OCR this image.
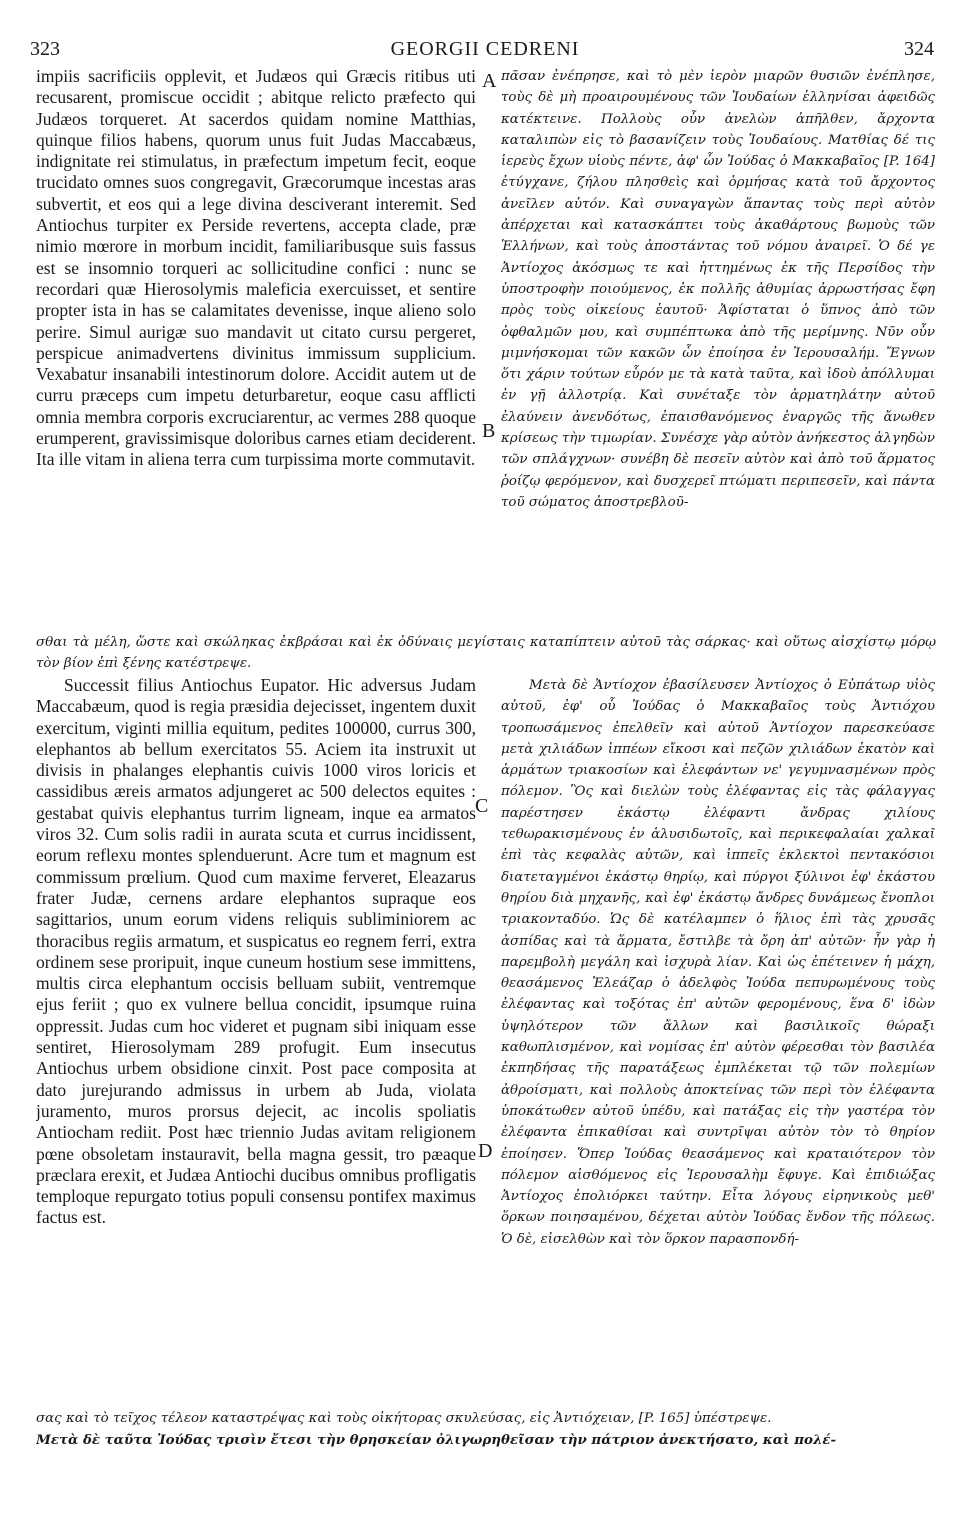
323	GEORGII CEDRENI	324

impiis sacrificiis opplevit, et Judæos qui Græcis ritibus uti recusarent, promiscue occidit ; abitque relicto præfecto qui Judæos torqueret. At sacerdos quidam nomine Matthias, quinque filios habens, quorum unus fuit Judas Maccabæus, indignitate rei stimulatus, in præfectum impetum fecit, eoque trucidato omnes suos congregavit, Græcorumque incestas aras subvertit, et eos qui a lege divina desciverant interemit. Sed Antiochus turpiter ex Perside revertens, accepta clade, præ nimio mœrore in morbum incidit, familiaribusque suis fassus est se insomnio torqueri ac sollicitudine confici : nunc se recordari quæ Hierosolymis maleficia exercuisset, et sentire propter ista in has se calamitates devenisse, inque alieno solo perire. Simul aurigæ suo mandavit ut citato cursu pergeret, perspicue animadvertens divinitus immissum supplicium. Vexabatur insanabili intestinorum dolore. Accidit autem ut de curru præceps cum impetu deturbaretur, eoque casu afflicti omnia membra corporis excruciarentur, ac vermes 288 quoque erumperent, gravissimisque doloribus carnes etiam deciderent. Ita ille vitam in aliena terra cum turpissima morte commutavit.

πᾶσαν ἐνέπρησε, καὶ τὸ μὲν ἱερὸν μιαρῶν θυσιῶν ἐνέπλησε, τοὺς δὲ μὴ προαιρουμένους τῶν Ἰουδαίων ἑλληνίσαι ἀφειδῶς κατέκτεινε. Πολλοὺς οὖν ἀνελὼν ἀπῆλθεν, ἄρχοντα καταλιπὼν εἰς τὸ βασανίζειν τοὺς Ἰουδαίους. Ματθίας δέ τις ἱερεὺς ἔχων υἱοὺς πέντε, ἀφ' ὧν Ἰούδας ὁ Μακκαβαῖος [P. 164] ἐτύγχανε, ζήλου πλησθεὶς καὶ ὁρμήσας κατὰ τοῦ ἄρχοντος ἀνεῖλεν αὐτόν. Καὶ συναγαγὼν ἅπαντας τοὺς περὶ αὐτὸν ἀπέρχεται καὶ κατασκάπτει τοὺς ἀκαθάρτους βωμοὺς τῶν Ἑλλήνων, καὶ τοὺς ἀποστάντας τοῦ νόμου ἀναιρεῖ. Ὁ δέ γε Ἀντίοχος ἀκόσμως τε καὶ ἡττημένως ἐκ τῆς Περσίδος τὴν ὑποστροφὴν ποιούμενος, ἐκ πολλῆς ἀθυμίας ἀρρωστήσας ἔφη πρὸς τοὺς οἰκείους ἑαυτοῦ· Ἀφίσταται ὁ ὕπνος ἀπὸ τῶν ὀφθαλμῶν μου, καὶ συμπέπτωκα ἀπὸ τῆς μερίμνης. Νῦν οὖν μιμνήσκομαι τῶν κακῶν ὧν ἐποίησα ἐν Ἱερουσαλήμ. Ἔγνων ὅτι χάριν τούτων εὗρόν με τὰ κατὰ ταῦτα, καὶ ἰδοὺ ἀπόλλυμαι ἐν γῇ ἀλλοτρίᾳ. Καὶ συνέταξε τὸν ἁρματηλάτην αὐτοῦ ἐλαύνειν ἀνενδότως, ἐπαισθανόμενος ἐναργῶς τῆς ἄνωθεν κρίσεως τὴν τιμωρίαν. Συνέσχε γὰρ αὐτὸν ἀνήκεστος ἀλγηδὼν τῶν σπλάγχνων· συνέβη δὲ πεσεῖν αὐτὸν καὶ ἀπὸ τοῦ ἅρματος ῥοίζῳ φερόμενον, καὶ δυσχερεῖ πτώματι περιπεσεῖν, καὶ πάντα τοῦ σώματος ἀποστρεβλοῦ-

A
B
σθαι τὰ μέλη, ὥστε καὶ σκώληκας ἐκβράσαι καὶ ἐκ ὀδύναις μεγίσταις καταπίπτειν αὐτοῦ τὰς σάρκας· καὶ οὕτως αἰσχίστῳ μόρῳ τὸν βίον ἐπὶ ξένης κατέστρεψε.

Successit filius Antiochus Eupator. Hic adversus Judam Maccabæum, quod is regia præsidia dejecisset, ingentem duxit exercitum, viginti millia equitum, pedites 100000, currus 300, elephantos ab bellum exercitatos 55. Aciem ita instruxit ut divisis in phalanges elephantis cuivis 1000 viros loricis et cassidibus æreis armatos adjungeret ac 500 delectos equites : gestabat quivis elephantus turrim ligneam, inque ea armatos viros 32. Cum solis radii in aurata scuta et currus incidissent, eorum reflexu montes splenduerunt. Acre tum et magnum est commissum prœlium. Quod cum maxime ferveret, Eleazarus frater Judæ, cernens ardare elephantos supraque eos sagittarios, unum eorum videns reliquis subliminiorem ac thoracibus regiis armatum, et suspicatus eo regnem ferri, extra ordinem sese proripuit, inque cuneum hostium sese immittens, multis circa elephantum occisis belluam subiit, ventremque ejus feriit ; quo ex vulnere bellua concidit, ipsumque ruina oppressit. Judas cum hoc videret et pugnam sibi iniquam esse sentiret, Hierosolymam 289 profugit. Eum insecutus Antiochus urbem obsidione cinxit. Post pace composita at dato jurejurando admissus in urbem ab Juda, violata juramento, muros prorsus dejecit, ac incolis spoliatis Antiocham rediit. Post hæc triennio Judas avitam religionem pœne obsoletam instauravit, bella magna gessit, tro pæaque præclara erexit, et Judæa Antiochi ducibus omnibus profligatis temploque repurgato totius populi consensu pontifex maximus factus est.

Μετὰ δὲ Ἀντίοχον ἐβασίλευσεν Ἀντίοχος ὁ Εὐπάτωρ υἱὸς αὐτοῦ, ἐφ' οὗ Ἰούδας ὁ Μακκαβαῖος τοὺς Ἀντιόχου τροπωσάμενος ἐπελθεῖν καὶ αὐτοῦ Ἀντίοχον παρεσκεύασε μετὰ χιλιάδων ἱππέων εἴκοσι καὶ πεζῶν χιλιάδων ἑκατὸν καὶ ἁρμάτων τριακοσίων καὶ ἐλεφάντων νε' γεγυμνασμένων πρὸς πόλεμον. Ὃς καὶ διελὼν τοὺς ἐλέφαντας εἰς τὰς φάλαγγας παρέστησεν ἑκάστῳ ἐλέφαντι ἄνδρας χιλίους τεθωρακισμένους ἐν ἁλυσιδωτοῖς, καὶ περικεφαλαίαι χαλκαῖ ἐπὶ τὰς κεφαλὰς αὐτῶν, καὶ ἱππεῖς ἐκλεκτοὶ πεντακόσιοι διατεταγμένοι ἑκάστῳ θηρίῳ, καὶ πύργοι ξύλινοι ἐφ' ἑκάστου θηρίου διὰ μηχανῆς, καὶ ἐφ' ἑκάστῳ ἄνδρες δυνάμεως ἔνοπλοι τριακονταδύο. Ὡς δὲ κατέλαμπεν ὁ ἥλιος ἐπὶ τὰς χρυσᾶς ἀσπίδας καὶ τὰ ἅρματα, ἔστιλβε τὰ ὄρη ἀπ' αὐτῶν· ἦν γὰρ ἡ παρεμβολὴ μεγάλη καὶ ἰσχυρὰ λίαν. Καὶ ὡς ἐπέτεινεν ἡ μάχη, θεασάμενος Ἐλεάζαρ ὁ ἀδελφὸς Ἰούδα πεπυρωμένους τοὺς ἐλέφαντας καὶ τοξότας ἐπ' αὐτῶν φερομένους, ἕνα δ' ἰδὼν ὑψηλότερον τῶν ἄλλων καὶ βασιλικοῖς θώραξι καθωπλισμένον, καὶ νομίσας ἐπ' αὐτὸν φέρεσθαι τὸν βασιλέα ἐκπηδήσας τῆς παρατάξεως ἐμπλέκεται τῷ τῶν πολεμίων ἀθροίσματι, καὶ πολλοὺς ἀποκτείνας τῶν περὶ τὸν ἐλέφαντα ὑποκάτωθεν αὐτοῦ ὑπέδυ, καὶ πατάξας εἰς τὴν γαστέρα τὸν ἐλέφαντα ἐπικαθίσαι καὶ συντρῖψαι αὐτὸν τὸν τὸ θηρίον ἐποίησεν. Ὅπερ Ἰούδας θεασάμενος καὶ κραταιότερον τὸν πόλεμον αἰσθόμενος εἰς Ἱερουσαλὴμ ἔφυγε. Καὶ ἐπιδιώξας Ἀντίοχος ἐπολιόρκει ταύτην. Εἶτα λόγους εἰρηνικοὺς μεθ' ὅρκων ποιησαμένου, δέχεται αὐτὸν Ἰούδας ἔνδον τῆς πόλεως. Ὁ δὲ, εἰσελθὼν καὶ τὸν ὅρκον παρασπονδή-

C
D
σας καὶ τὸ τεῖχος τέλεον καταστρέψας καὶ τοὺς οἰκήτορας σκυλεύσας, εἰς Ἀντιόχειαν, [P. 165] ὑπέστρεψε.
Μετὰ δὲ ταῦτα Ἰούδας τρισὶν ἔτεσι τὴν θρησκείαν ὀλιγωρηθεῖσαν τὴν πάτριον ἀνεκτήσατο, καὶ πολέ-
